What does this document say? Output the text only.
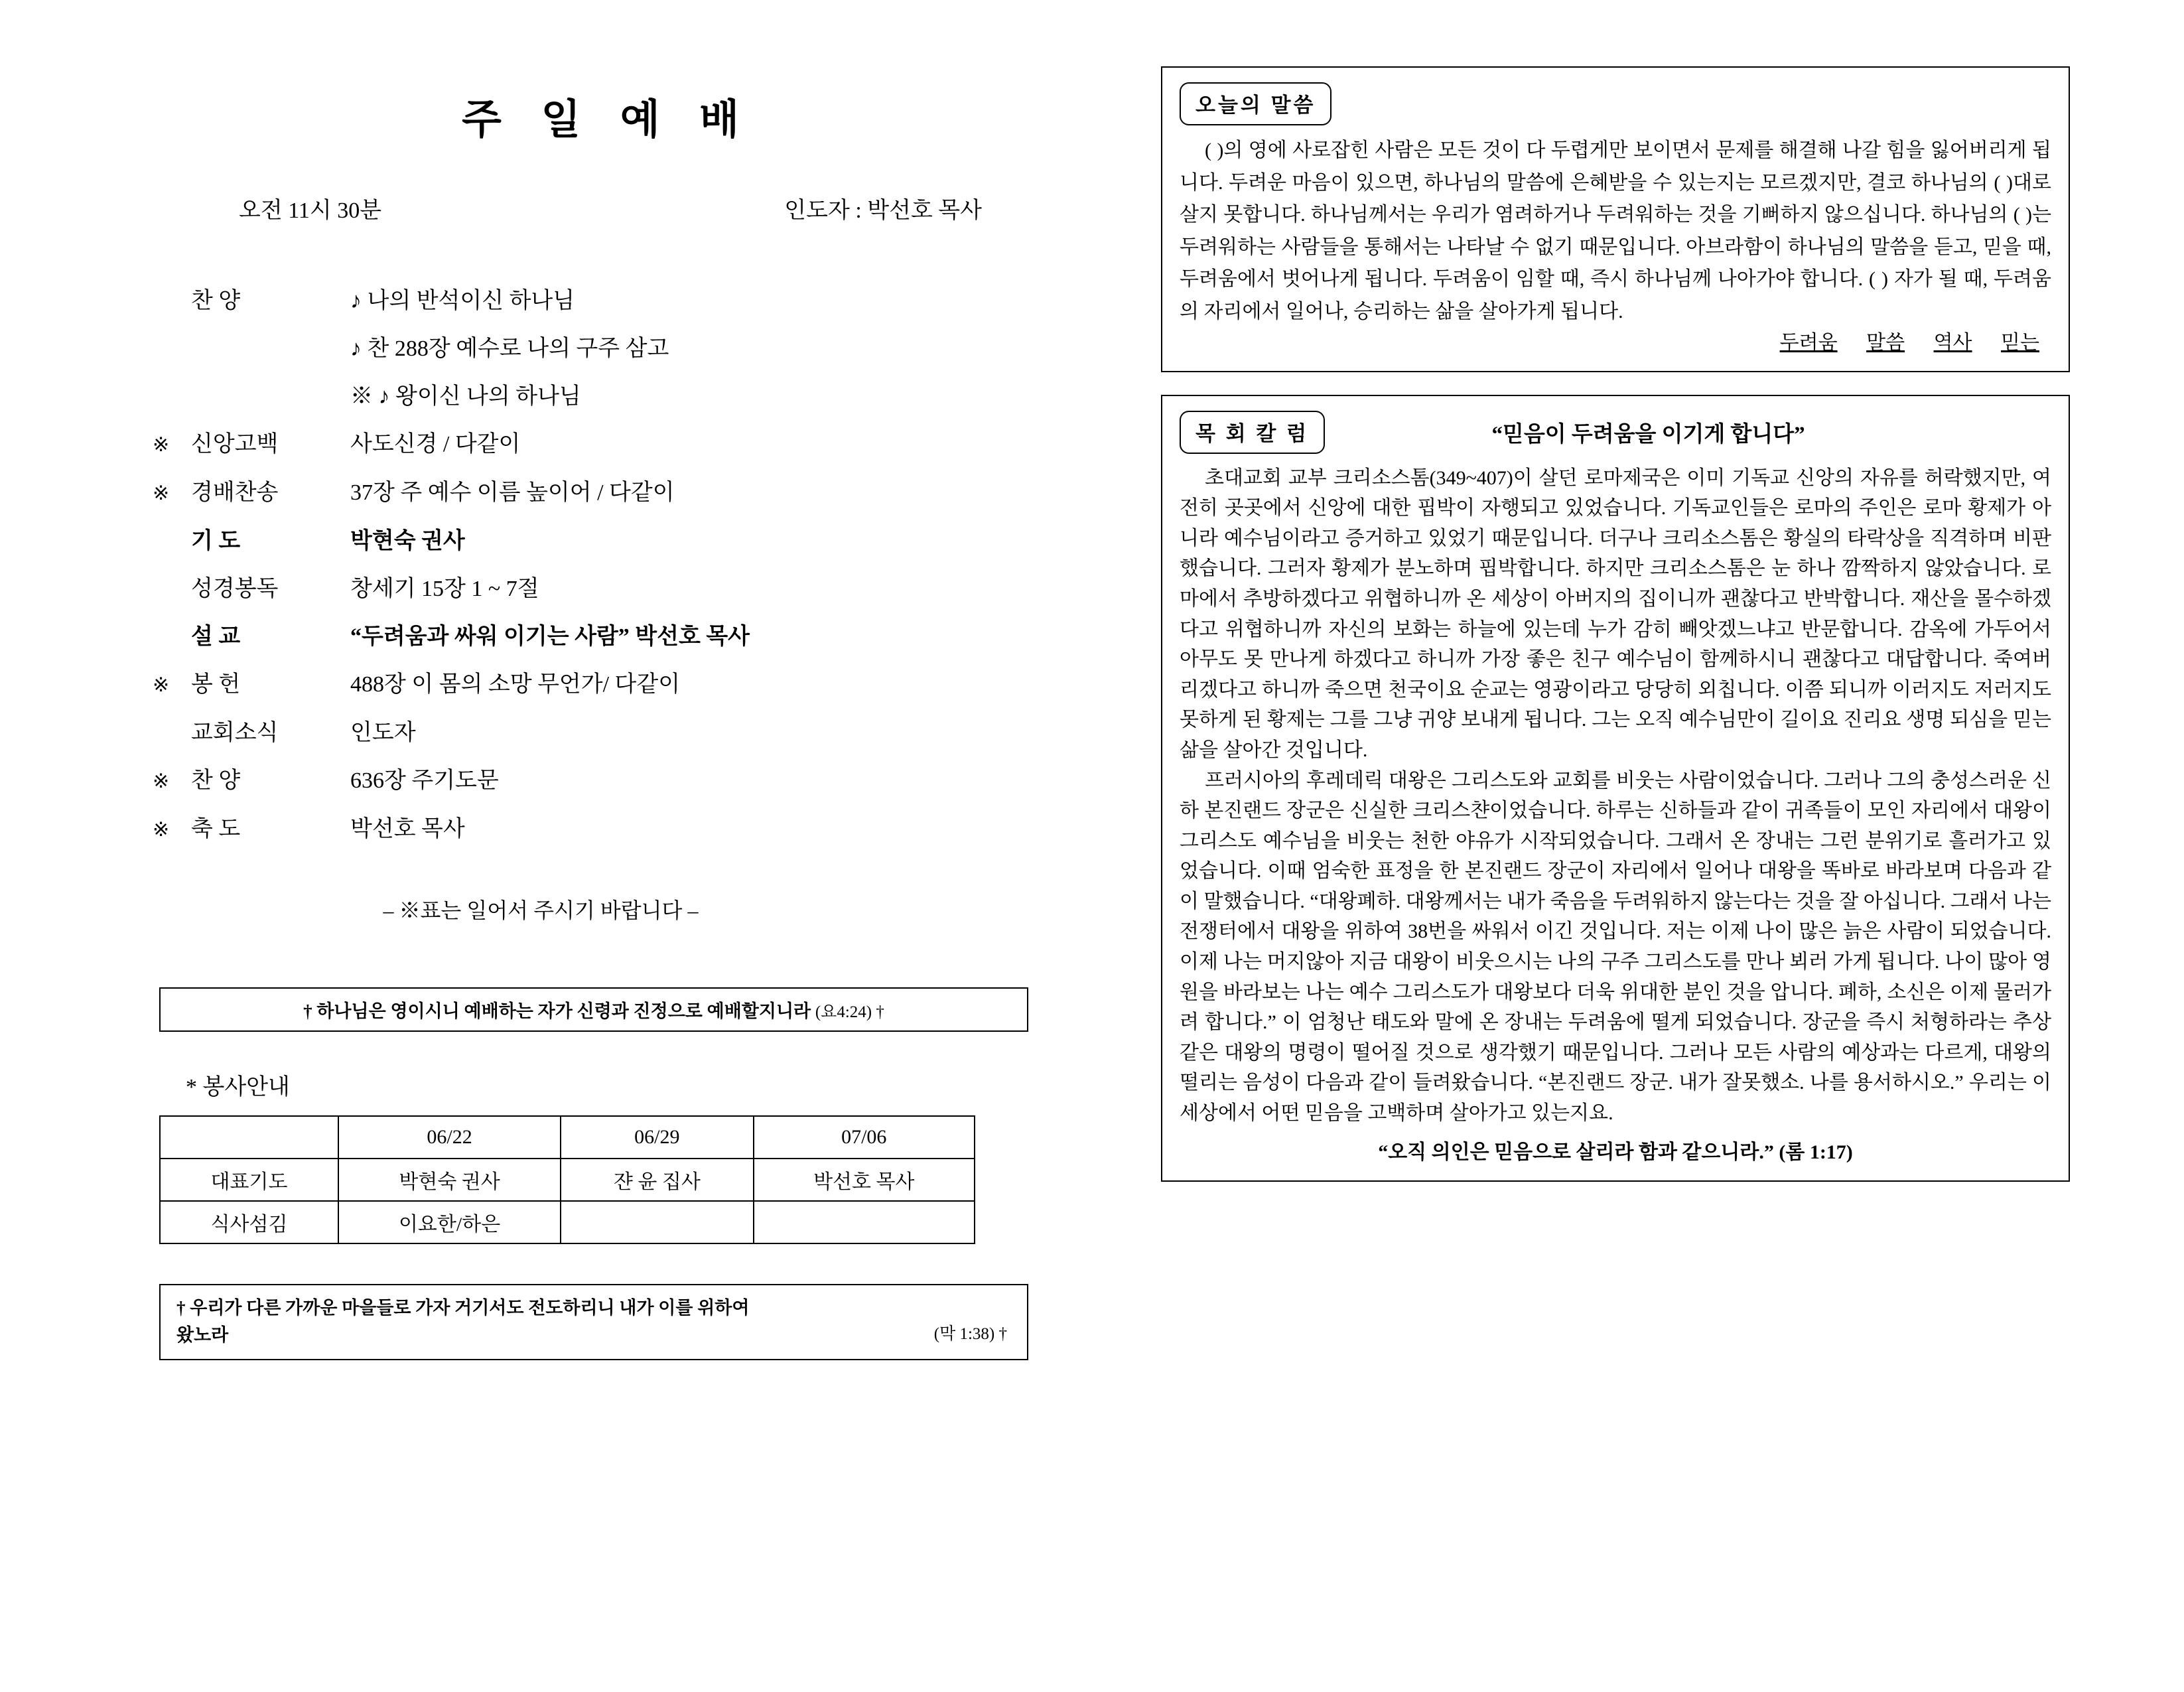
주 일 예 배
오전 11시 30분	인도자 : 박선호 목사
찬 양	♪ 나의 반석이신 하나님
♪ 찬 288장 예수로 나의 구주 삼고
※ ♪ 왕이신 나의 하나님
※ 신앙고백	사도신경 / 다같이
※ 경배찬송	37장 주 예수 이름 높이어 / 다같이
기 도	박현숙 권사
성경봉독	창세기 15장 1 ~ 7절
설 교	“두려움과 싸워 이기는 사람” 박선호 목사
※ 봉 헌	488장 이 몸의 소망 무언가/ 다같이
교회소식	인도자
※ 찬 양	636장 주기도문
※ 축 도	박선호 목사
– ※표는 일어서 주시기 바랍니다 –
† 하나님은 영이시니 예배하는 자가 신령과 진정으로 예배할지니라 (요4:24) †
* 봉사안내
	06/22	06/29	07/06
대표기도	박현숙 권사	쟌 윤 집사	박선호 목사
식사섬김	이요한/하은		
† 우리가 다른 가까운 마을들로 가자 거기서도 전도하리니 내가 이를 위하여
(막 1:38) †
왔노라
오늘의 말씀

( )의 영에 사로잡힌 사람은 모든 것이 다 두렵게만 보이면서 문제를 해결해 나갈 힘을 잃어버리게 됩니다. 두려운 마음이 있으면, 하나님의 말씀에 은혜받을 수 있는지는 모르겠지만, 결코 하나님의 ( )대로 살지 못합니다. 하나님께서는 우리가 염려하거나 두려워하는 것을 기뻐하지 않으십니다. 하나님의 ( )는 두려워하는 사람들을 통해서는 나타날 수 없기 때문입니다. 아브라함이 하나님의 말씀을 듣고, 믿을 때, 두려움에서 벗어나게 됩니다. 두려움이 임할 때, 즉시 하나님께 나아가야 합니다. ( ) 자가 될 때, 두려움의 자리에서 일어나, 승리하는 삶을 살아가게 됩니다.

두려움 말씀 역사 믿는
목 회 칼 럼	“믿음이 두려움을 이기게 합니다”

초대교회 교부 크리소스톰(349~407)이 살던 로마제국은 이미 기독교 신앙의 자유를 허락했지만, 여전히 곳곳에서 신앙에 대한 핍박이 자행되고 있었습니다. 기독교인들은 로마의 주인은 로마 황제가 아니라 예수님이라고 증거하고 있었기 때문입니다. 더구나 크리소스톰은 황실의 타락상을 직격하며 비판했습니다. 그러자 황제가 분노하며 핍박합니다. 하지만 크리소스톰은 눈 하나 깜짝하지 않았습니다. 로마에서 추방하겠다고 위협하니까 온 세상이 아버지의 집이니까 괜찮다고 반박합니다. 재산을 몰수하겠다고 위협하니까 자신의 보화는 하늘에 있는데 누가 감히 빼앗겠느냐고 반문합니다. 감옥에 가두어서 아무도 못 만나게 하겠다고 하니까 가장 좋은 친구 예수님이 함께하시니 괜찮다고 대답합니다. 죽여버리겠다고 하니까 죽으면 천국이요 순교는 영광이라고 당당히 외칩니다. 이쯤 되니까 이러지도 저러지도 못하게 된 황제는 그를 그냥 귀양 보내게 됩니다. 그는 오직 예수님만이 길이요 진리요 생명 되심을 믿는 삶을 살아간 것입니다.

프러시아의 후레데릭 대왕은 그리스도와 교회를 비웃는 사람이었습니다. 그러나 그의 충성스러운 신하 본진랜드 장군은 신실한 크리스챤이었습니다. 하루는 신하들과 같이 귀족들이 모인 자리에서 대왕이 그리스도 예수님을 비웃는 천한 야유가 시작되었습니다. 그래서 온 장내는 그런 분위기로 흘러가고 있었습니다. 이때 엄숙한 표정을 한 본진랜드 장군이 자리에서 일어나 대왕을 똑바로 바라보며 다음과 같이 말했습니다. “대왕폐하. 대왕께서는 내가 죽음을 두려워하지 않는다는 것을 잘 아십니다. 그래서 나는 전쟁터에서 대왕을 위하여 38번을 싸워서 이긴 것입니다. 저는 이제 나이 많은 늙은 사람이 되었습니다. 이제 나는 머지않아 지금 대왕이 비웃으시는 나의 구주 그리스도를 만나 뵈러 가게 됩니다. 나이 많아 영원을 바라보는 나는 예수 그리스도가 대왕보다 더욱 위대한 분인 것을 압니다. 폐하, 소신은 이제 물러가려 합니다.” 이 엄청난 태도와 말에 온 장내는 두려움에 떨게 되었습니다. 장군을 즉시 처형하라는 추상같은 대왕의 명령이 떨어질 것으로 생각했기 때문입니다. 그러나 모든 사람의 예상과는 다르게, 대왕의 떨리는 음성이 다음과 같이 들려왔습니다. “본진랜드 장군. 내가 잘못했소. 나를 용서하시오.” 우리는 이 세상에서 어떤 믿음을 고백하며 살아가고 있는지요.

“오직 의인은 믿음으로 살리라 함과 같으니라.” (롬 1:17)
